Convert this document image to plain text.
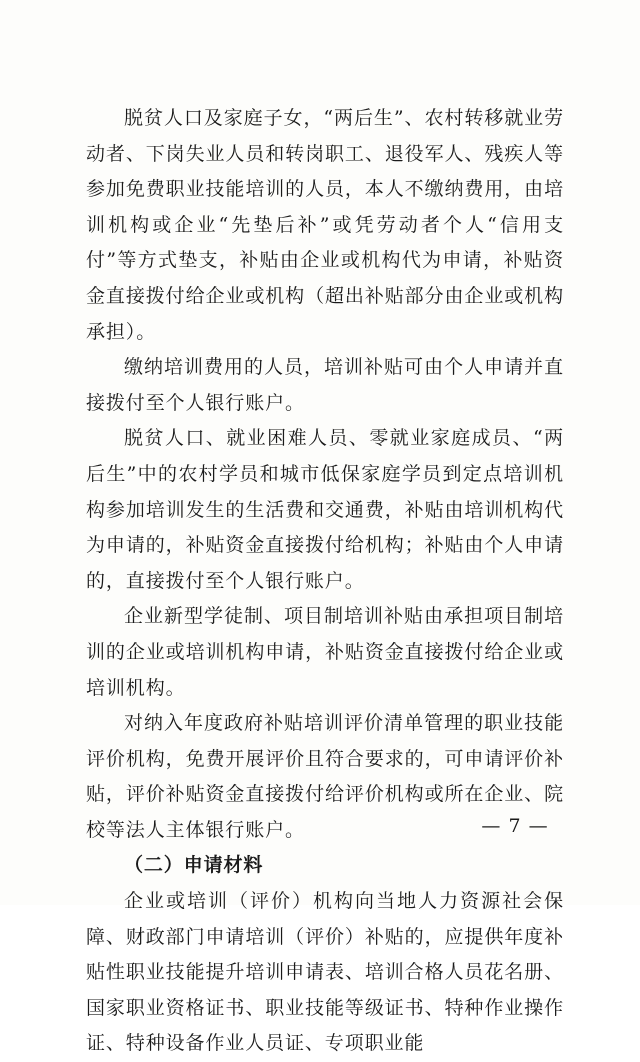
脱贫人口及家庭子女，“两后生”、农村转移就业劳动者、下岗失业人员和转岗职工、退役军人、残疾人等参加免费职业技能培训的人员，本人不缴纳费用，由培训机构或企业“先垫后补”或凭劳动者个人“信用支付”等方式垫支，补贴由企业或机构代为申请，补贴资金直接拨付给企业或机构（超出补贴部分由企业或机构承担）。

缴纳培训费用的人员，培训补贴可由个人申请并直接拨付至个人银行账户。

脱贫人口、就业困难人员、零就业家庭成员、“两后生”中的农村学员和城市低保家庭学员到定点培训机构参加培训发生的生活费和交通费，补贴由培训机构代为申请的，补贴资金直接拨付给机构；补贴由个人申请的，直接拨付至个人银行账户。

企业新型学徒制、项目制培训补贴由承担项目制培训的企业或培训机构申请，补贴资金直接拨付给企业或培训机构。

对纳入年度政府补贴培训评价清单管理的职业技能评价机构，免费开展评价且符合要求的，可申请评价补贴，评价补贴资金直接拨付给评价机构或所在企业、院校等法人主体银行账户。

（二）申请材料

企业或培训（评价）机构向当地人力资源社会保障、财政部门申请培训（评价）补贴的，应提供年度补贴性职业技能提升培训申请表、培训合格人员花名册、国家职业资格证书、职业技能等级证书、特种作业操作证、特种设备作业人员证、专项职业能

— 7 —
